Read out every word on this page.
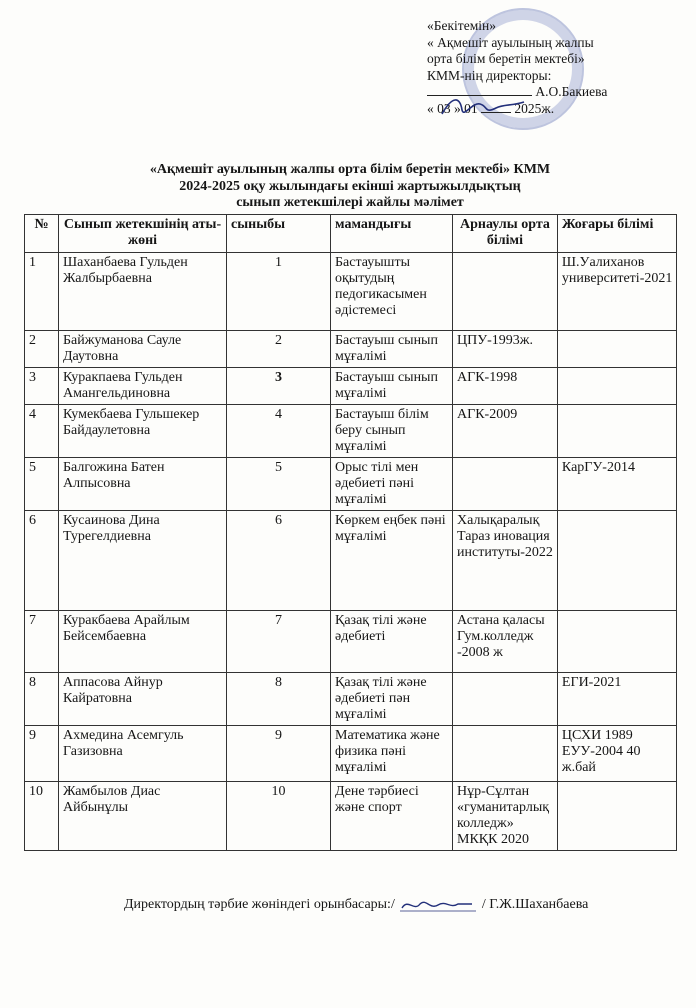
«Бекітемін»
« Ақмешіт ауылының жалпы
орта білім беретін мектебі»
КММ-нің директоры:
А.О.Бакиева
« 03 » 01	2025ж.
«Ақмешіт ауылының жалпы орта білім беретін мектебі» КММ
2024-2025 оқу жылындағы екінші жартыжылдықтың
сынып жетекшілері жайлы мәлімет
№	Сынып жетекшінің аты-жөні	сыныбы	мамандығы	Арнаулы орта білімі	Жоғары білімі
1	Шаханбаева Гульден Жалбырбаевна	1	Бастауышты оқытудың педогикасымен әдістемесі		Ш.Уалиханов университеті-2021
2	Байжуманова Сауле Даутовна	2	Бастауыш сынып мұғалімі	ЦПУ-1993ж.	
3	Куракпаева Гульден Амангельдиновна	3	Бастауыш сынып мұғалімі	АГК-1998	
4	Кумекбаева Гульшекер Байдаулетовна	4	Бастауыш білім беру сынып мұғалімі	АГК-2009	
5	Балгожина Батен Алпысовна	5	Орыс тілі мен әдебиеті пәні мұғалімі		КарГУ-2014
6	Кусаинова Дина Турегелдиевна	6	Көркем еңбек пәні мұғалімі	Халықаралық Тараз иновация институты-2022	
7	Куракбаева Арайлым Бейсембаевна	7	Қазақ тілі және әдебиеті	Астана қаласы Гум.колледж -2008 ж	
8	Аппасова Айнур Кайратовна	8	Қазақ тілі және әдебиеті пән мұғалімі		ЕГИ-2021
9	Ахмедина Асемгуль Газизовна	9	Математика және физика пәні мұғалімі		ЦСХИ 1989 ЕУУ-2004 40 ж.бай
10	Жамбылов Диас Айбынұлы	10	Дене тәрбиесі және спорт	Нұр-Сұлтан «гуманитарлық колледж» МКҚК 2020	
Директордың тәрбие жөніндегі орынбасары:/	/ Г.Ж.Шаханбаева
